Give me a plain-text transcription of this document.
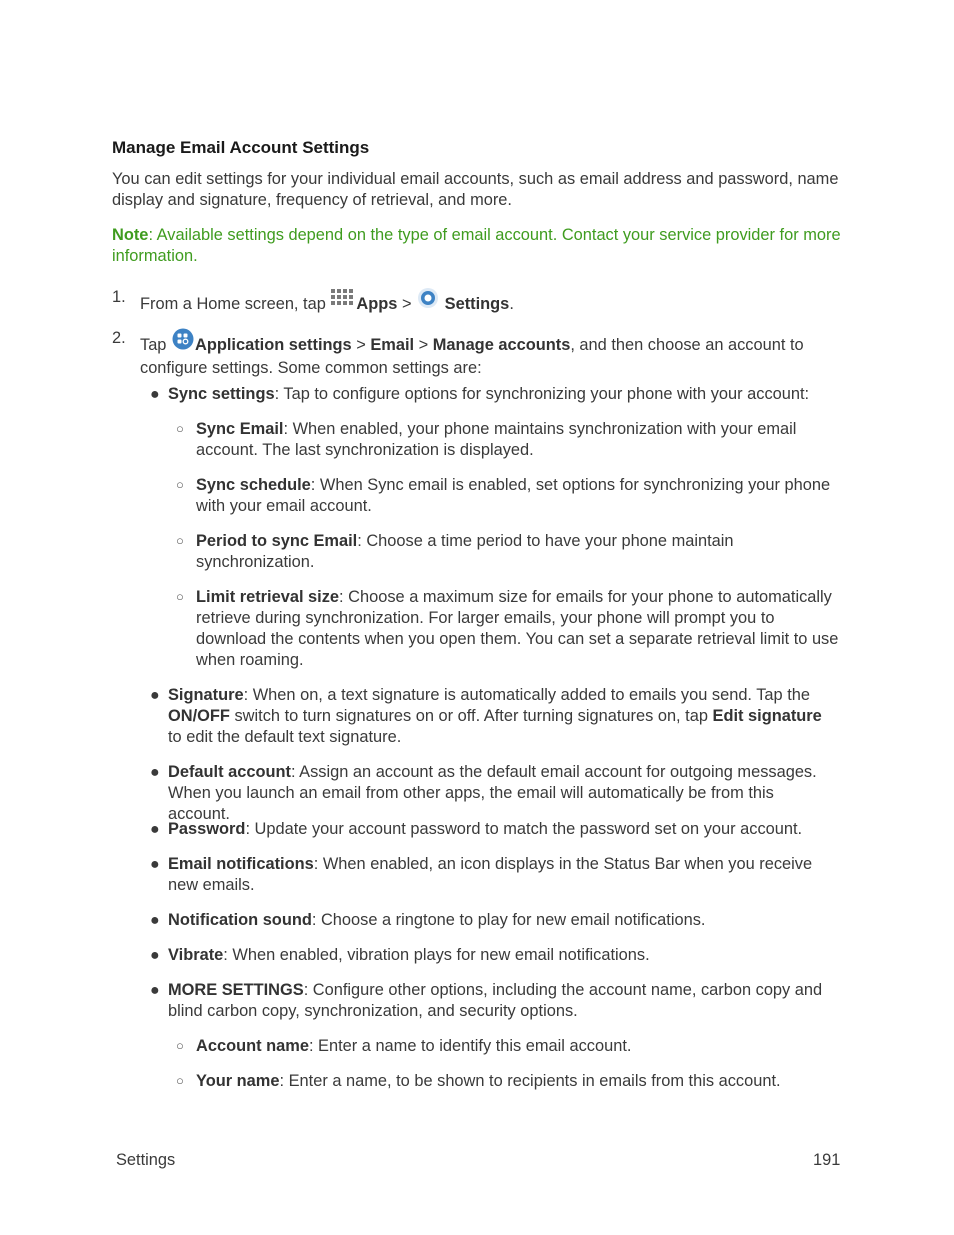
Manage Email Account Settings
You can edit settings for your individual email accounts, such as email address and password, name display and signature, frequency of retrieval, and more.
Note: Available settings depend on the type of email account. Contact your service provider for more information.
1. From a Home screen, tap Apps > Settings.
2. Tap Application settings > Email > Manage accounts, and then choose an account to configure settings. Some common settings are:
● Sync settings: Tap to configure options for synchronizing your phone with your account:
○ Sync Email: When enabled, your phone maintains synchronization with your email account. The last synchronization is displayed.
○ Sync schedule: When Sync email is enabled, set options for synchronizing your phone with your email account.
○ Period to sync Email: Choose a time period to have your phone maintain synchronization.
○ Limit retrieval size: Choose a maximum size for emails for your phone to automatically retrieve during synchronization. For larger emails, your phone will prompt you to download the contents when you open them. You can set a separate retrieval limit to use when roaming.
● Signature: When on, a text signature is automatically added to emails you send. Tap the ON/OFF switch to turn signatures on or off. After turning signatures on, tap Edit signature to edit the default text signature.
● Default account: Assign an account as the default email account for outgoing messages. When you launch an email from other apps, the email will automatically be from this account.
● Password: Update your account password to match the password set on your account.
● Email notifications: When enabled, an icon displays in the Status Bar when you receive new emails.
● Notification sound: Choose a ringtone to play for new email notifications.
● Vibrate: When enabled, vibration plays for new email notifications.
● MORE SETTINGS: Configure other options, including the account name, carbon copy and blind carbon copy, synchronization, and security options.
○ Account name: Enter a name to identify this email account.
○ Your name: Enter a name, to be shown to recipients in emails from this account.
Settings	191
